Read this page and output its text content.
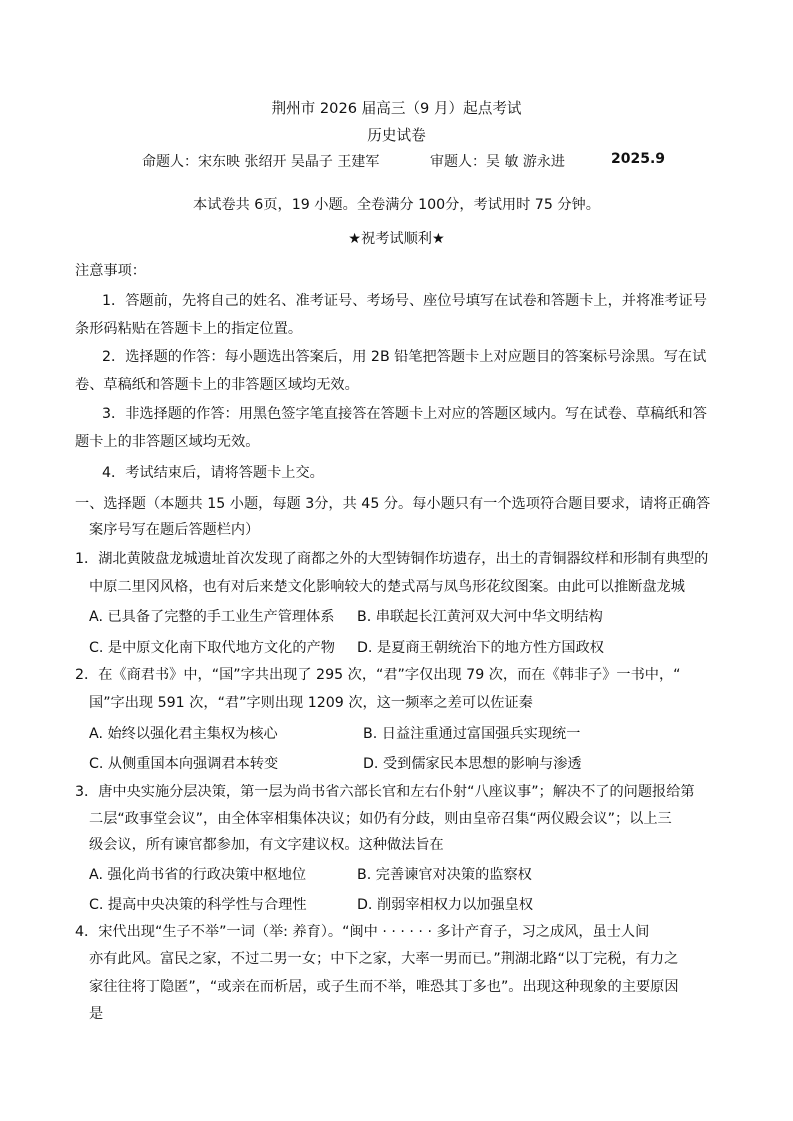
荆州市 2026 届高三（9 月）起点考试
历史试卷
命题人：宋东映 张绍开 吴晶子 王建军	审题人：吴 敏 游永进	2025.9
本试卷共 6页，19 小题。全卷满分 100分，考试用时 75 分钟。
★祝考试顺利★
注意事项：
1．答题前，先将自己的姓名、准考证号、考场号、座位号填写在试卷和答题卡上，并将准考证号
条形码粘贴在答题卡上的指定位置。
2．选择题的作答：每小题选出答案后，用 2B 铅笔把答题卡上对应题目的答案标号涂黑。写在试
卷、草稿纸和答题卡上的非答题区域均无效。
3．非选择题的作答：用黑色签字笔直接答在答题卡上对应的答题区域内。写在试卷、草稿纸和答
题卡上的非答题区域均无效。
4．考试结束后，请将答题卡上交。
一、选择题（本题共 15 小题，每题 3分，共 45 分。每小题只有一个选项符合题目要求，请将正确答
案序号写在题后答题栏内）
1．湖北黄陂盘龙城遗址首次发现了商都之外的大型铸铜作坊遗存，出土的青铜器纹样和形制有典型的
中原二里冈风格，也有对后来楚文化影响较大的楚式鬲与凤鸟形花纹图案。由此可以推断盘龙城
A. 已具备了完整的手工业生产管理体系 B. 串联起长江黄河双大河中华文明结构
C. 是中原文化南下取代地方文化的产物 D. 是夏商王朝统治下的地方性方国政权
2．在《商君书》中，“国”字共出现了 295 次，“君”字仅出现 79 次，而在《韩非子》一书中，“
国”字出现 591 次，“君”字则出现 1209 次，这一频率之差可以佐证秦
A. 始终以强化君主集权为核心	B. 日益注重通过富国强兵实现统一
C. 从侧重国本向强调君本转变	D. 受到儒家民本思想的影响与渗透
3．唐中央实施分层决策，第一层为尚书省六部长官和左右仆射“八座议事”；解决不了的问题报给第
二层“政事堂会议”，由全体宰相集体决议；如仍有分歧，则由皇帝召集“两仪殿会议”；以上三
级会议，所有谏官都参加，有文字建议权。这种做法旨在
A. 强化尚书省的行政决策中枢地位	B. 完善谏官对决策的监察权
C. 提高中央决策的科学性与合理性	D. 削弱宰相权力以加强皇权
4．宋代出现“生子不举”一词（举: 养育）。“闽中 · · · · · · 多计产育子，习之成风，虽士人间
亦有此风。富民之家，不过二男一女；中下之家，大率一男而已。”荆湖北路“以丁完税，有力之
家往往将丁隐匿”，“或亲在而析居，或子生而不举，唯恐其丁多也”。出现这种现象的主要原因
是
